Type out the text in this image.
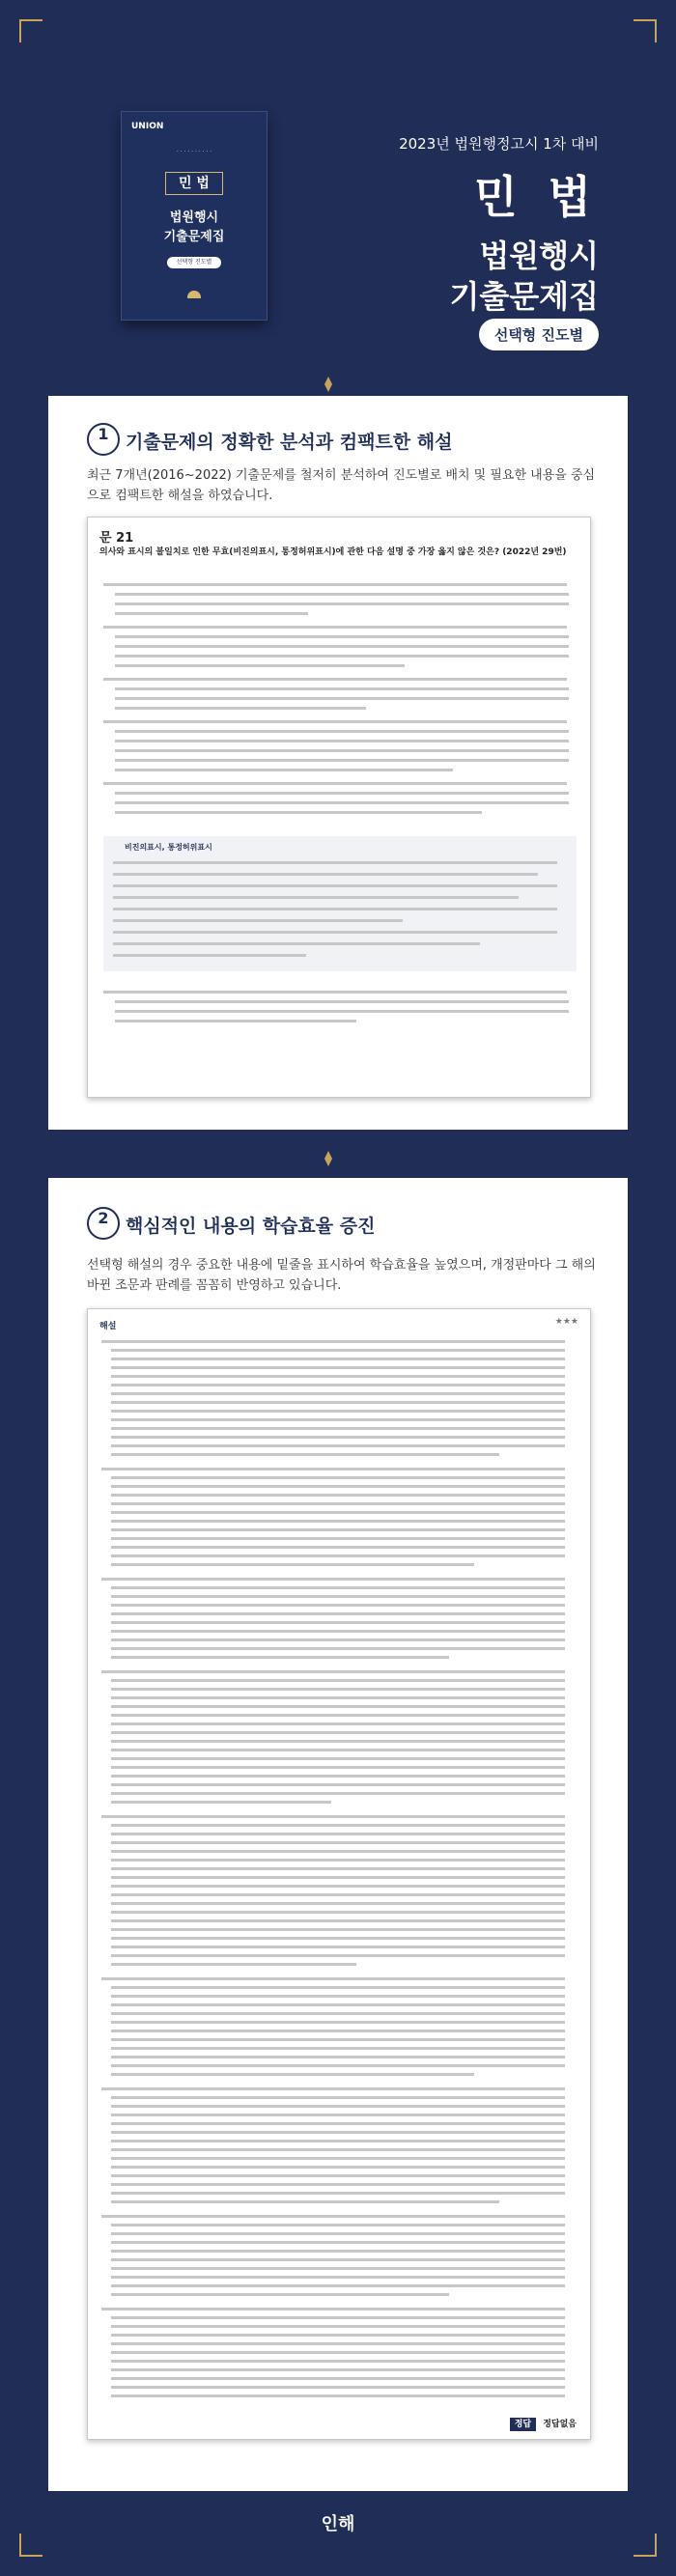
UNION
· · · · · · · · · ·
민 법
법원행시
기출문제집
선택형 진도별
2023년 법원행정고시 1차 대비
민 법
법원행시
기출문제집
선택형 진도별
1 기출문제의 정확한 분석과 컴팩트한 해설
최근 7개년(2016~2022) 기출문제를 철저히 분석하여 진도별로 배치 및 필요한 내용을 중심으로 컴팩트한 해설을 하였습니다.
문 21
의사와 표시의 불일치로 인한 무효(비진의표시, 통정허위표시)에 관한 다음 설명 중 가장 옳지 않은 것은? (2022년 29번)
비진의표시, 통정허위표시
2 핵심적인 내용의 학습효율 증진
선택형 해설의 경우 중요한 내용에 밑줄을 표시하여 학습효율을 높였으며, 개정판마다 그 해의 바뀐 조문과 판례를 꼼꼼히 반영하고 있습니다.
해설	★★★
정답 정답없음
인해
